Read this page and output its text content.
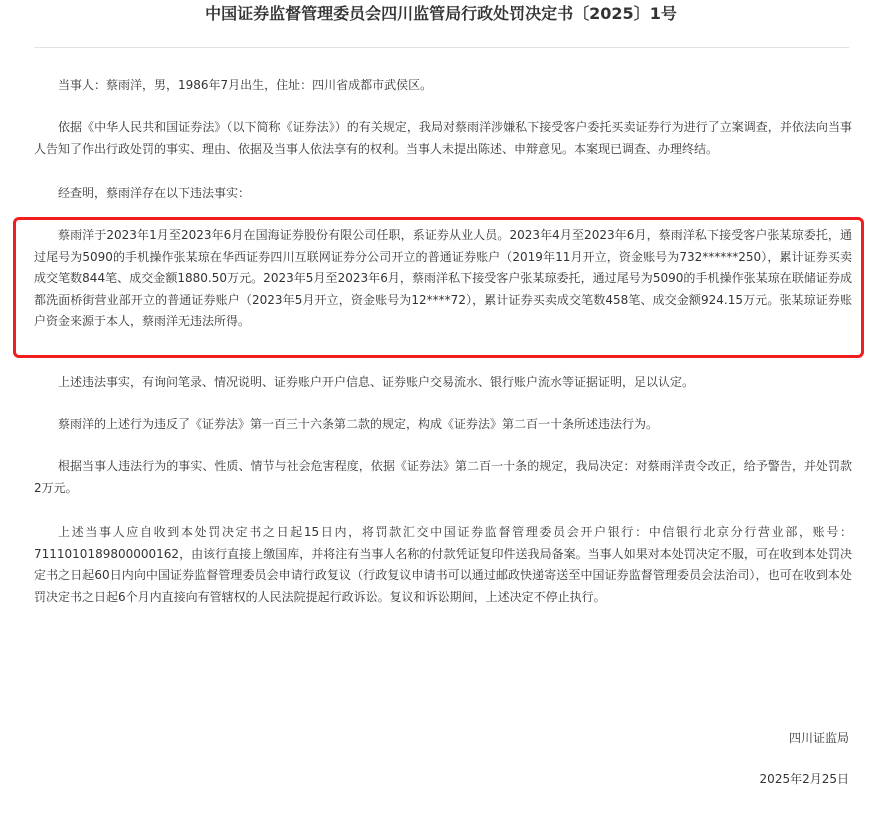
中国证券监督管理委员会四川监管局行政处罚决定书〔2025〕1号

当事人：蔡雨洋，男，1986年7月出生，住址：四川省成都市武侯区。

依据《中华人民共和国证券法》（以下简称《证券法》）的有关规定，我局对蔡雨洋涉嫌私下接受客户委托买卖证券行为进行了立案调查，并依法向当事人告知了作出行政处罚的事实、理由、依据及当事人依法享有的权利。当事人未提出陈述、申辩意见。本案现已调查、办理终结。

经查明，蔡雨洋存在以下违法事实：

蔡雨洋于2023年1月至2023年6月在国海证券股份有限公司任职，系证券从业人员。2023年4月至2023年6月，蔡雨洋私下接受客户张某琼委托，通过尾号为5090的手机操作张某琼在华西证券四川互联网证券分公司开立的普通证券账户（2019年11月开立，资金账号为732******250），累计证券买卖成交笔数844笔、成交金额1880.50万元。2023年5月至2023年6月，蔡雨洋私下接受客户张某琼委托，通过尾号为5090的手机操作张某琼在联储证券成都洗面桥街营业部开立的普通证券账户（2023年5月开立，资金账号为12****72），累计证券买卖成交笔数458笔、成交金额924.15万元。张某琼证券账户资金来源于本人，蔡雨洋无违法所得。

上述违法事实，有询问笔录、情况说明、证券账户开户信息、证券账户交易流水、银行账户流水等证据证明，足以认定。

蔡雨洋的上述行为违反了《证券法》第一百三十六条第二款的规定，构成《证券法》第二百一十条所述违法行为。

根据当事人违法行为的事实、性质、情节与社会危害程度，依据《证券法》第二百一十条的规定，我局决定：对蔡雨洋责令改正，给予警告，并处罚款2万元。

上述当事人应自收到本处罚决定书之日起15日内，将罚款汇交中国证券监督管理委员会开户银行：中信银行北京分行营业部，账号：7111010189800000162，由该行直接上缴国库，并将注有当事人名称的付款凭证复印件送我局备案。当事人如果对本处罚决定不服，可在收到本处罚决定书之日起60日内向中国证券监督管理委员会申请行政复议（行政复议申请书可以通过邮政快递寄送至中国证券监督管理委员会法治司），也可在收到本处罚决定书之日起6个月内直接向有管辖权的人民法院提起行政诉讼。复议和诉讼期间，上述决定不停止执行。

四川证监局
2025年2月25日
